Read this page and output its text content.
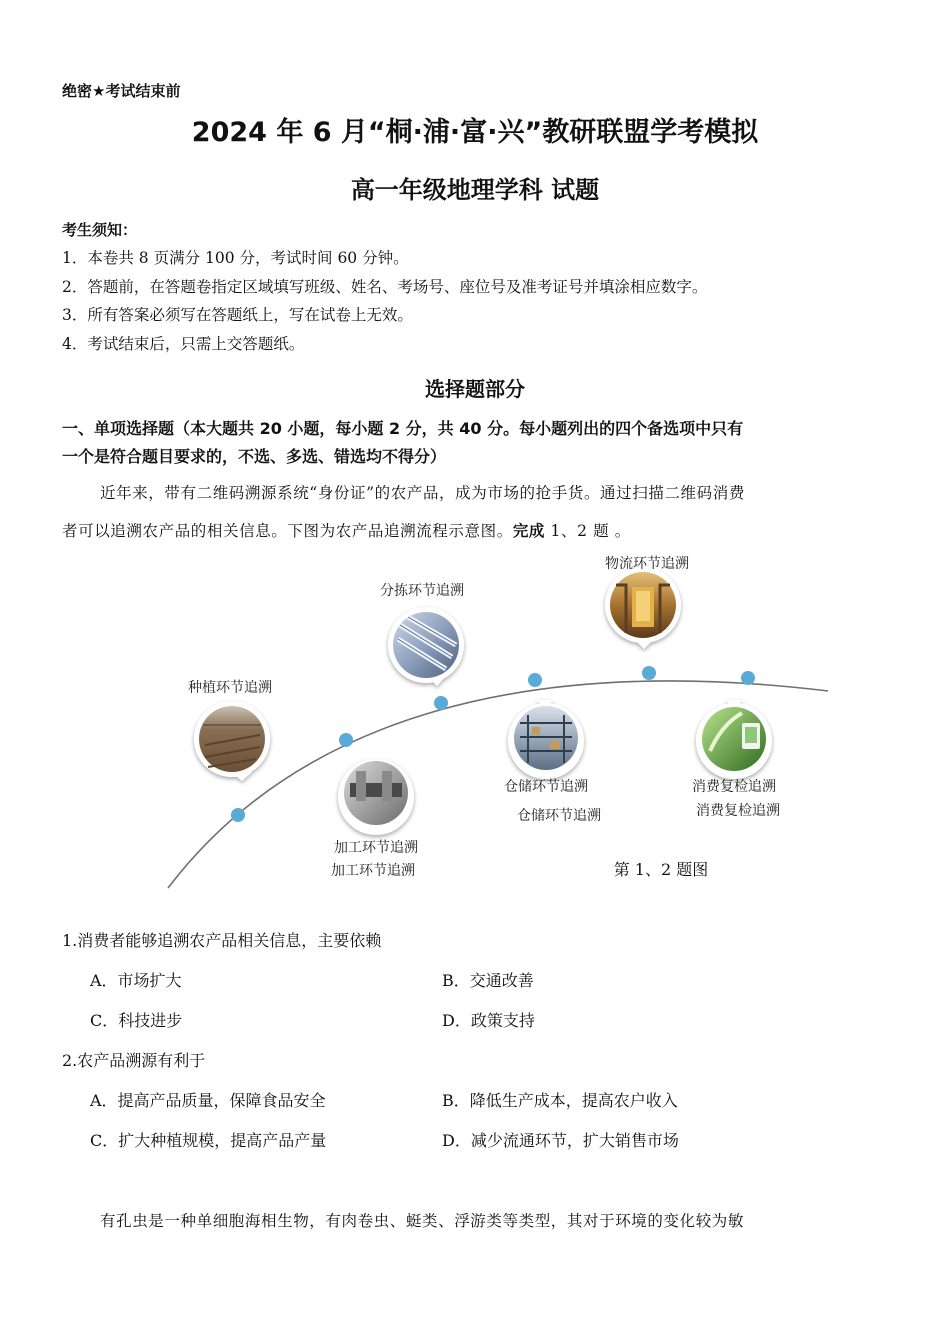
绝密★考试结束前
2024 年 6 月“桐·浦·富·兴”教研联盟学考模拟
高一年级地理学科 试题
考生须知：
1．本卷共 8 页满分 100 分，考试时间 60 分钟。
2．答题前，在答题卷指定区域填写班级、姓名、考场号、座位号及准考证号并填涂相应数字。
3．所有答案必须写在答题纸上，写在试卷上无效。
4．考试结束后，只需上交答题纸。
选择题部分
一、单项选择题（本大题共 20 小题，每小题 2 分，共 40 分。每小题列出的四个备选项中只有
一个是符合题目要求的，不选、多选、错选均不得分）
近年来，带有二维码溯源系统“身份证”的农产品，成为市场的抢手货。通过扫描二维码消费
者可以追溯农产品的相关信息。下图为农产品追溯流程示意图。完成 1、2 题 。
种植环节追溯
分拣环节追溯
物流环节追溯
加工环节追溯
加工环节追溯
仓储环节追溯
仓储环节追溯
消费复检追溯
消费复检追溯
第 1、2 题图
1.消费者能够追溯农产品相关信息，主要依赖
A．市场扩大	B．交通改善
C．科技进步	D．政策支持
2.农产品溯源有利于
A．提高产品质量，保障食品安全	B．降低生产成本，提高农户收入
C．扩大种植规模，提高产品产量	D．减少流通环节，扩大销售市场
有孔虫是一种单细胞海相生物，有肉卷虫、蜓类、浮游类等类型，其对于环境的变化较为敏
